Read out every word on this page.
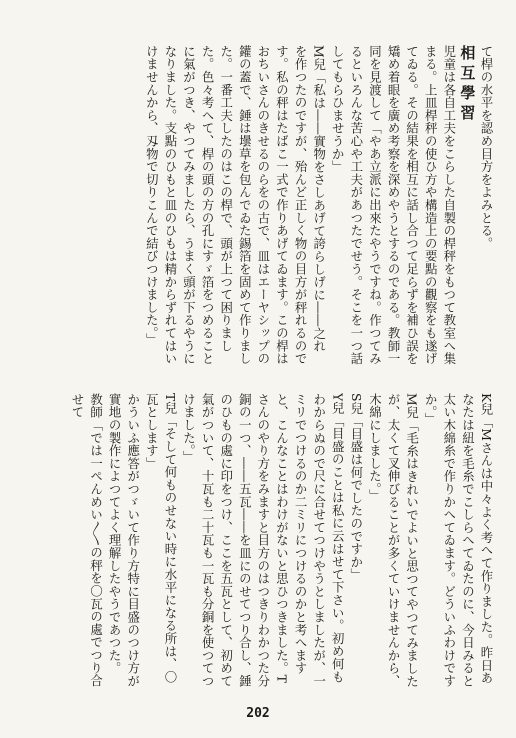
て桿の水平を認め目方をよみとる。

相互學習

児童は各自工夫をこらした自製の桿秤をもつて教室へ集まる。上皿桿秤の使ひ方や構造上の要點の觀察をも遂げてゐる。その結果を相互に話し合つて足らずを補ひ誤を矯め着眼を廣め考察を深めやうとするのである。教師一同を見渡して「やあ立派に出來たやうですね。作つてみるといろんな苦心や工夫があつたでせう。そこを一つ話してもらひませうか」

M兒「私は――實物をさしあげて誇らしげに――之れを作つたのですが、殆んど正しく物の目方が秤れるのです。私の秤はたばこ一式で作りあげてゐます。この桿はおちいさんのきせるのらをの古で、皿はエーヤシップの鑵の蓋で、錘は壜草を包んでゐた錫箔を固めて作りました。一番工夫したのはこの桿で、頭が上つて困りました。色々考へて、桿の頭の方の孔にすゞ箔をつめることに氣がつき、やつてみましたら、うまく頭が下るやうになりました。支點のひもと皿のひもは精からずれてはいけませんから、刄物で切りこんで結びつけました。」

K兒「Mさんは中々よく考へて作りました。昨日あなたは紐を毛糸でこしらへてゐたのに、今日みると太い木綿糸で作りかへてゐます。どういふわけですか。」

M兒「毛糸はきれいでよいと思つてやつてみましたが、太くて叉伸びることが多くていけませんから、木綿にしました。」

S兒「目盛は何でしたのですか」

Y兒「目盛のことは私に云はせて下さい。初め何もわからぬので尺に合せてつけやうとしましたが、一ミリでつけるのか二ミリにつけるのかと考へますと、こんなことはわけがないと思ひつきました。Tさんのやり方をみますと目方のはつきりわかつた分銅の一つ、――五瓦――を皿にのせてつり合し、錘のひもの處に印をつけ、ここを五瓦として、初めて氣がついて、十瓦も二十瓦も一瓦も分銅を使つてつけました。」

T兒「そして何ものせない時に水平になる所は、〇瓦とします」

かういふ應答がつゞいて作り方特に目盛のつけ方が實地の製作によつてよく理解したやうであつた。

教師「では一ぺんめい〳〵の秤を〇瓦の處でつり合せて

202
